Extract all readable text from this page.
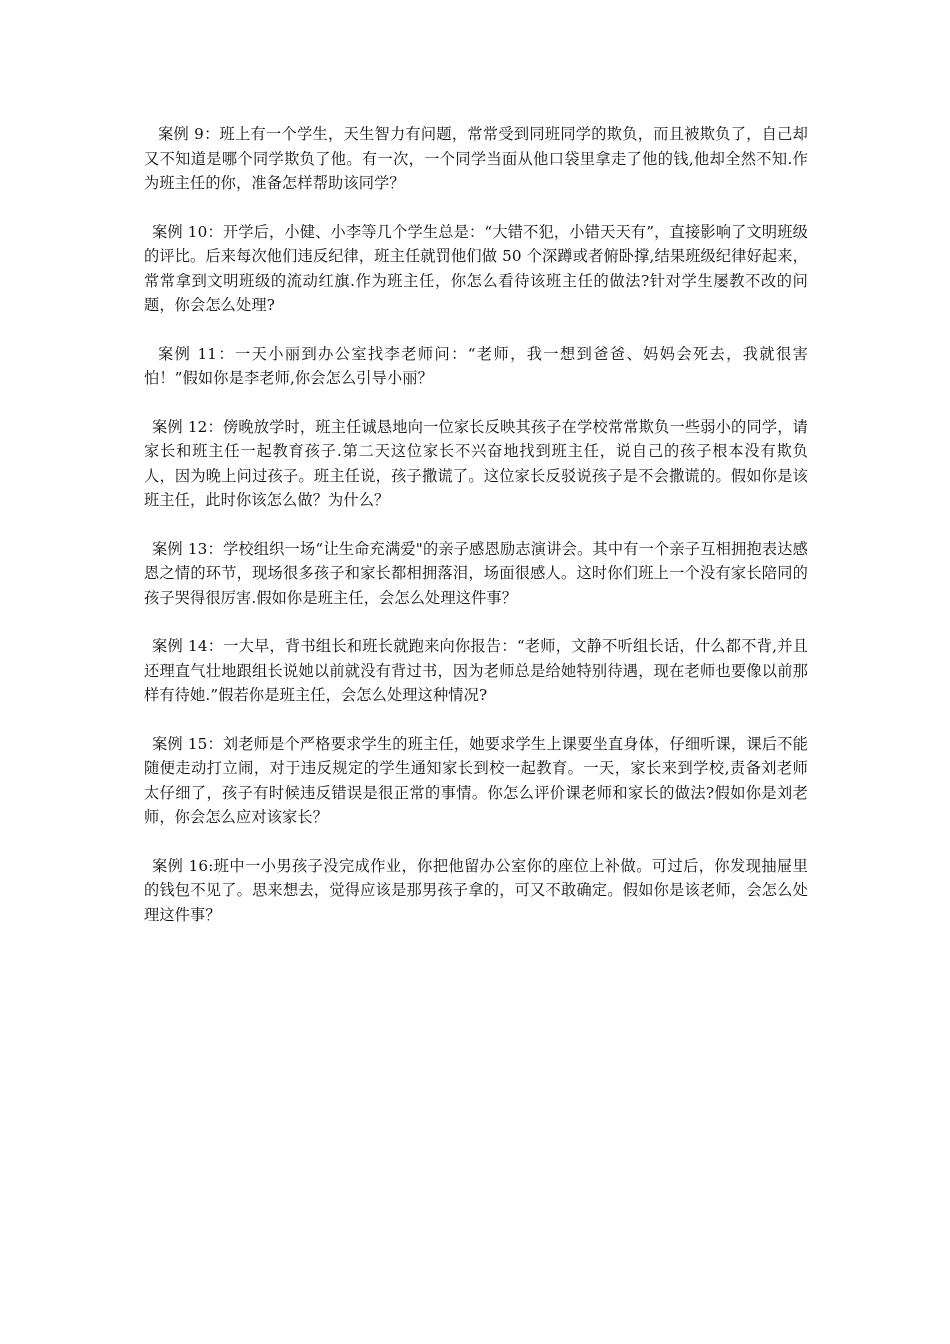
案例 9：班上有一个学生，天生智力有问题，常常受到同班同学的欺负，而且被欺负了，自己却又不知道是哪个同学欺负了他。有一次，一个同学当面从他口袋里拿走了他的钱,他却全然不知.作为班主任的你，准备怎样帮助该同学？

案例 10：开学后，小健、小李等几个学生总是：“大错不犯，小错天天有”，直接影响了文明班级的评比。后来每次他们违反纪律，班主任就罚他们做 50 个深蹲或者俯卧撑,结果班级纪律好起来，常常拿到文明班级的流动红旗.作为班主任，你怎么看待该班主任的做法?针对学生屡教不改的问题，你会怎么处理?

案例 11：一天小丽到办公室找李老师问：“老师，我一想到爸爸、妈妈会死去，我就很害怕！”假如你是李老师,你会怎么引导小丽？

案例 12：傍晚放学时，班主任诚恳地向一位家长反映其孩子在学校常常欺负一些弱小的同学，请家长和班主任一起教育孩子.第二天这位家长不兴奋地找到班主任，说自己的孩子根本没有欺负人，因为晚上问过孩子。班主任说，孩子撒谎了。这位家长反驳说孩子是不会撒谎的。假如你是该班主任，此时你该怎么做？为什么？

案例 13：学校组织一场“让生命充满爱"的亲子感恩励志演讲会。其中有一个亲子互相拥抱表达感恩之情的环节，现场很多孩子和家长都相拥落泪，场面很感人。这时你们班上一个没有家长陪同的孩子哭得很厉害.假如你是班主任，会怎么处理这件事？

案例 14：一大早，背书组长和班长就跑来向你报告：“老师，文静不听组长话，什么都不背,并且还理直气壮地跟组长说她以前就没有背过书，因为老师总是给她特别待遇，现在老师也要像以前那样有待她.”假若你是班主任，会怎么处理这种情况?

案例 15：刘老师是个严格要求学生的班主任，她要求学生上课要坐直身体，仔细听课，课后不能随便走动打立闹，对于违反规定的学生通知家长到校一起教育。一天，家长来到学校,责备刘老师太仔细了，孩子有时候违反错误是很正常的事情。你怎么评价课老师和家长的做法?假如你是刘老师，你会怎么应对该家长？

案例 16:班中一小男孩子没完成作业，你把他留办公室你的座位上补做。可过后，你发现抽屉里的钱包不见了。思来想去，觉得应该是那男孩子拿的，可又不敢确定。假如你是该老师，会怎么处理这件事？
